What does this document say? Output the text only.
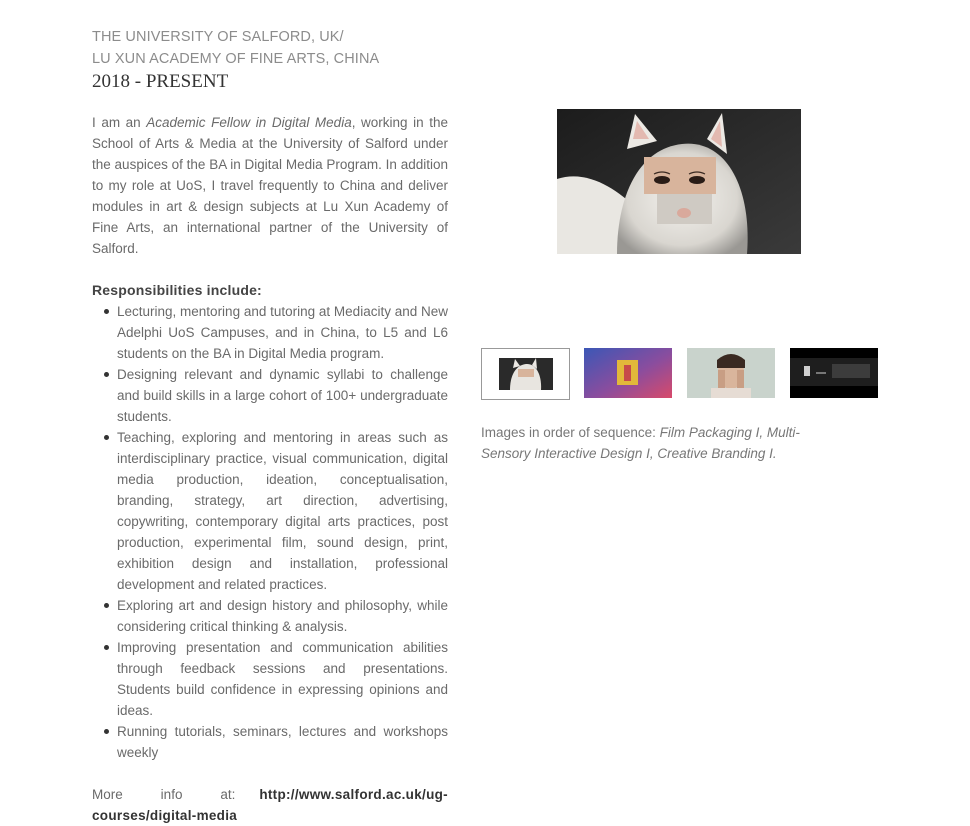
THE UNIVERSITY OF SALFORD, UK/
LU XUN ACADEMY OF FINE ARTS, CHINA
2018 - PRESENT
I am an Academic Fellow in Digital Media, working in the School of Arts & Media at the University of Salford under the auspices of the BA in Digital Media Program. In addition to my role at UoS, I travel frequently to China and deliver modules in art & design subjects at Lu Xun Academy of Fine Arts, an international partner of the University of Salford.
Responsibilities include:
Lecturing, mentoring and tutoring at Mediacity and New Adelphi UoS Campuses, and in China, to L5 and L6 students on the BA in Digital Media program.
Designing relevant and dynamic syllabi to challenge and build skills in a large cohort of 100+ undergraduate students.
Teaching, exploring and mentoring in areas such as interdisciplinary practice, visual communication, digital media production, ideation, conceptualisation, branding, strategy, art direction, advertising, copywriting, contemporary digital arts practices, post production, experimental film, sound design, print, exhibition design and installation, professional development and related practices.
Exploring art and design history and philosophy, while considering critical thinking & analysis.
Improving presentation and communication abilities through feedback sessions and presentations. Students build confidence in expressing opinions and ideas.
Running tutorials, seminars, lectures and workshops weekly
More info at: http://www.salford.ac.uk/ug-courses/digital-media
Images in order of sequence: Film Packaging I, Multi-Sensory Interactive Design I, Creative Branding I.
